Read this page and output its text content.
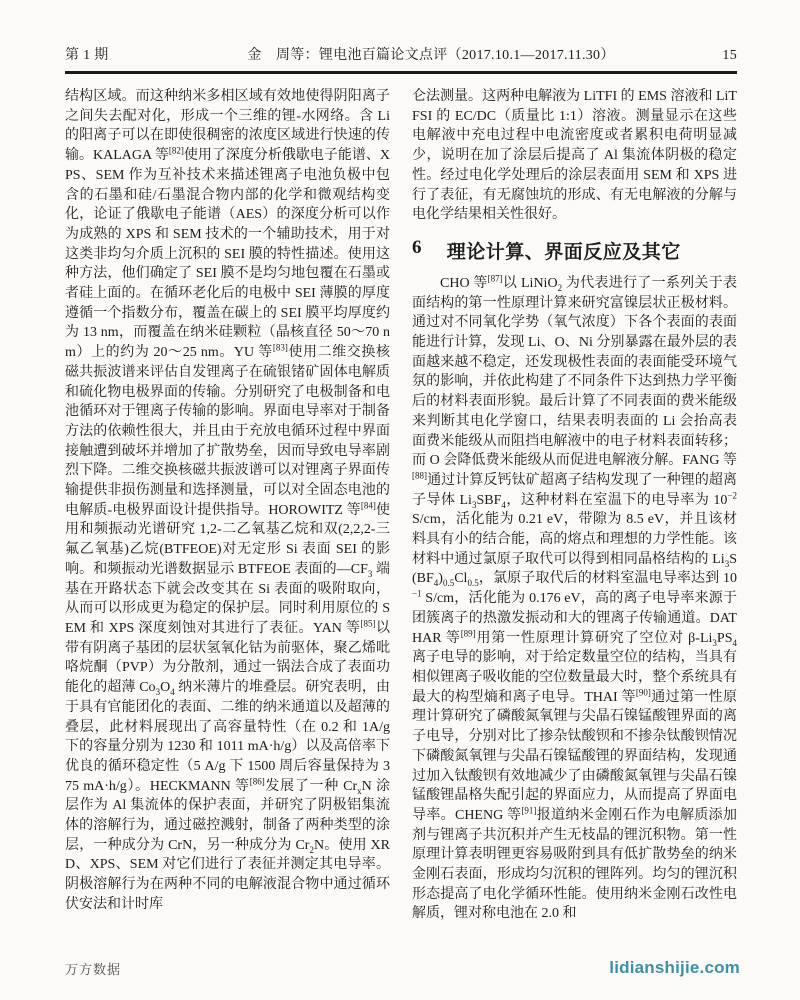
第 1 期	金　周等：锂电池百篇论文点评（2017.10.1—2017.11.30）	15

结构区域。而这种纳米多相区域有效地使得阴阳离子之间失去配对化，形成一个三维的锂-水网络。含 Li 的阳离子可以在即使很稠密的浓度区域进行快速的传输。KALAGA 等[82]使用了深度分析俄歇电子能谱、XPS、SEM 作为互补技术来描述锂离子电池负极中包含的石墨和硅/石墨混合物内部的化学和微观结构变化，论证了俄歇电子能谱（AES）的深度分析可以作为成熟的 XPS 和 SEM 技术的一个辅助技术，用于对这类非均匀介质上沉积的 SEI 膜的特性描述。使用这种方法，他们确定了 SEI 膜不是均匀地包覆在石墨或者硅上面的。在循环老化后的电极中 SEI 薄膜的厚度遵循一个指数分布，覆盖在碳上的 SEI 膜平均厚度约为 13 nm，而覆盖在纳米硅颗粒（晶核直径 50～70 nm）上的约为 20～25 nm。YU 等[83]使用二维交换核磁共振波谱来评估自发锂离子在硫银锗矿固体电解质和硫化物电极界面的传输。分别研究了电极制备和电池循环对于锂离子传输的影响。界面电导率对于制备方法的依赖性很大，并且由于充放电循环过程中界面接触遭到破坏并增加了扩散势垒，因而导致电导率剧烈下降。二维交换核磁共振波谱可以对锂离子界面传输提供非损伤测量和选择测量，可以对全固态电池的电解质-电极界面设计提供指导。HOROWITZ 等[84]使用和频振动光谱研究 1,2-二乙氧基乙烷和双(2,2,2-三氟乙氧基)乙烷(BTFEOE)对无定形 Si 表面 SEI 的影响。和频振动光谱数据显示 BTFEOE 表面的$—CF_3$ 端基在开路状态下就会改变其在 Si 表面的吸附取向，从而可以形成更为稳定的保护层。同时利用原位的 SEM 和 XPS 深度刻蚀对其进行了表征。YAN 等[85]以带有阴离子基团的层状氢氧化钴为前驱体，聚乙烯吡咯烷酮（PVP）为分散剂，通过一锅法合成了表面功能化的超薄 $Co_3O_4$ 纳米薄片的堆叠层。研究表明，由于具有官能团化的表面、二维的纳米通道以及超薄的叠层，此材料展现出了高容量特性（在 0.2 和 1A/g 下的容量分别为 1230 和 1011 mA·h/g）以及高倍率下优良的循环稳定性（5 A/g 下 1500 周后容量保持为 375 mA·h/g）。HECKMANN 等[86]发展了一种 $Cr_xN$ 涂层作为 Al 集流体的保护表面，并研究了阴极铝集流体的溶解行为，通过磁控溅射，制备了两种类型的涂层，一种成分为 CrN，另一种成分为 $Cr_2N$。使用 XRD、XPS、SEM 对它们进行了表征并测定其电导率。阴极溶解行为在两种不同的电解液混合物中通过循环伏安法和计时库

仑法测量。这两种电解液为 LiTFI 的 EMS 溶液和 LiTFSI 的 EC/DC（质量比 1:1）溶液。测量显示在这些电解液中充电过程中电流密度或者累积电荷明显减少，说明在加了涂层后提高了 Al 集流体阴极的稳定性。经过电化学处理后的涂层表面用 SEM 和 XPS 进行了表征，有无腐蚀坑的形成、有无电解液的分解与电化学结果相关性很好。

6 理论计算、界面反应及其它

CHO 等[87]以 LiNiO$_2$ 为代表进行了一系列关于表面结构的第一性原理计算来研究富镍层状正极材料。通过对不同氧化学势（氧气浓度）下各个表面的表面能进行计算，发现 Li、O、Ni 分别暴露在最外层的表面越来越不稳定，还发现极性表面的表面能受环境气氛的影响，并依此构建了不同条件下达到热力学平衡后的材料表面形貌。最后计算了不同表面的费米能级来判断其电化学窗口，结果表明表面的 Li 会抬高表面费米能级从而阻挡电解液中的电子材料表面转移；而 O 会降低费米能级从而促进电解液分解。FANG 等[88]通过计算反钙钛矿超离子结构发现了一种锂的超离子导体 $Li_3SBF_4$，这种材料在室温下的电导率为 $10^{-2}$ S/cm，活化能为 0.21 eV，带隙为 8.5 eV，并且该材料具有小的结合能，高的熔点和理想的力学性能。该材料中通过氯原子取代可以得到相同晶格结构的 $Li_3S(BF_4)_{0.5}Cl_{0.5}$，氯原子取代后的材料室温电导率达到 $10^{-1}$ S/cm，活化能为 0.176 eV，高的离子电导率来源于团簇离子的热激发振动和大的锂离子传输通道。DATHAR 等[89]用第一性原理计算研究了空位对 $\beta-Li_3PS_4$ 离子电导的影响，对于给定数量空位的结构，当具有相似锂离子吸收能的空位数量最大时，整个系统具有最大的构型熵和离子电导。THAI 等[90]通过第一性原理计算研究了磷酸氮氧锂与尖晶石镍锰酸锂界面的离子电导，分别对比了掺杂钛酸钡和不掺杂钛酸钡情况下磷酸氮氧锂与尖晶石镍锰酸锂的界面结构，发现通过加入钛酸钡有效地减少了由磷酸氮氧锂与尖晶石镍锰酸锂晶格失配引起的界面应力，从而提高了界面电导率。CHENG 等[91]报道纳米金刚石作为电解质添加剂与锂离子共沉积并产生无枝晶的锂沉积物。第一性原理计算表明锂更容易吸附到具有低扩散势垒的纳米金刚石表面，形成均匀沉积的锂阵列。均匀的锂沉积形态提高了电化学循环性能。使用纳米金刚石改性电解质，锂对称电池在 2.0 和

万方数据	lidianshijie.com
